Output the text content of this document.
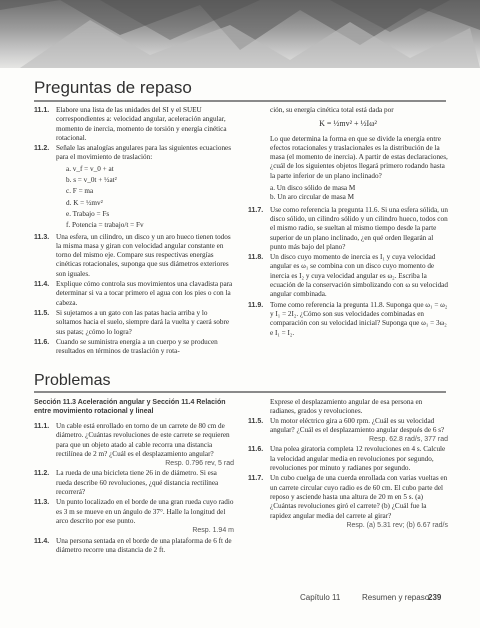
Preguntas de repaso
11.1. Elabore una lista de las unidades del SI y el SUEU correspondientes a: velocidad angular, aceleración angular, momento de inercia, momento de torsión y energía cinética rotacional.
11.2. Señale las analogías angulares para las siguientes ecuaciones para el movimiento de traslación:
a. v_f = v_0 + at
b. s = v_0t + ½at²
c. F = ma
d. K = ½mv²
e. Trabajo = Fs
f. Potencia = trabajo/t = Fv
11.3. Una esfera, un cilindro, un disco y un aro hueco tienen todos la misma masa y giran con velocidad angular constante en torno del mismo eje. Compare sus respectivas energías cinéticas rotacionales, suponga que sus diámetros exteriores son iguales.
11.4. Explique cómo controla sus movimientos una clavadista para determinar si va a tocar primero el agua con los pies o con la cabeza.
11.5. Si sujetamos a un gato con las patas hacia arriba y lo soltamos hacia el suelo, siempre dará la vuelta y caerá sobre sus patas; ¿cómo lo logra?
11.6. Cuando se suministra energía a un cuerpo y se producen resultados en términos de traslación y rota-
ción, su energía cinética total está dada por
K = ½mv² + ½Iω²
Lo que determina la forma en que se divide la energía entre efectos rotacionales y traslacionales es la distribución de la masa (el momento de inercia). A partir de estas declaraciones, ¿cuál de los siguientes objetos llegará primero rodando hasta la parte inferior de un plano inclinado?
a. Un disco sólido de masa M
b. Un aro circular de masa M
11.7. Use como referencia la pregunta 11.6. Si una esfera sólida, un disco sólido, un cilindro sólido y un cilindro hueco, todos con el mismo radio, se sueltan al mismo tiempo desde la parte superior de un plano inclinado, ¿en qué orden llegarán al punto más bajo del plano?
11.8. Un disco cuyo momento de inercia es I₁ y cuya velocidad angular es ω₁ se combina con un disco cuyo momento de inercia es I₂ y cuya velocidad angular es ω₂. Escriba la ecuación de la conservación simbolizando con ω su velocidad angular combinada.
11.9. Tome como referencia la pregunta 11.8. Suponga que ω₁ = ω₂ y I₁ = 2I₂. ¿Cómo son sus velocidades combinadas en comparación con su velocidad inicial? Suponga que ω₁ = 3ω₂ e I₁ = I₂.
Problemas
Sección 11.3 Aceleración angular y Sección 11.4 Relación entre movimiento rotacional y lineal
11.1. Un cable está enrollado en torno de un carrete de 80 cm de diámetro. ¿Cuántas revoluciones de este carrete se requieren para que un objeto atado al cable recorra una distancia rectilínea de 2 m? ¿Cuál es el desplazamiento angular?
Resp. 0.796 rev, 5 rad
11.2. La rueda de una bicicleta tiene 26 in de diámetro. Si esa rueda describe 60 revoluciones, ¿qué distancia rectilínea recorrerá?
11.3. Un punto localizado en el borde de una gran rueda cuyo radio es 3 m se mueve en un ángulo de 37°. Halle la longitud del arco descrito por ese punto.
Resp. 1.94 m
11.4. Una persona sentada en el borde de una plataforma de 6 ft de diámetro recorre una distancia de 2 ft.
Exprese el desplazamiento angular de esa persona en radianes, grados y revoluciones.
11.5. Un motor eléctrico gira a 600 rpm. ¿Cuál es su velocidad angular? ¿Cuál es el desplazamiento angular después de 6 s?
Resp. 62.8 rad/s, 377 rad
11.6. Una polea giratoria completa 12 revoluciones en 4 s. Calcule la velocidad angular media en revoluciones por segundo, revoluciones por minuto y radianes por segundo.
11.7. Un cubo cuelga de una cuerda enrollada con varias vueltas en un carrete circular cuyo radio es de 60 cm. El cubo parte del reposo y asciende hasta una altura de 20 m en 5 s. (a) ¿Cuántas revoluciones giró el carrete? (b) ¿Cuál fue la rapidez angular media del carrete al girar?
Resp. (a) 5.31 rev; (b) 6.67 rad/s
Capítulo 11	Resumen y repaso
239
